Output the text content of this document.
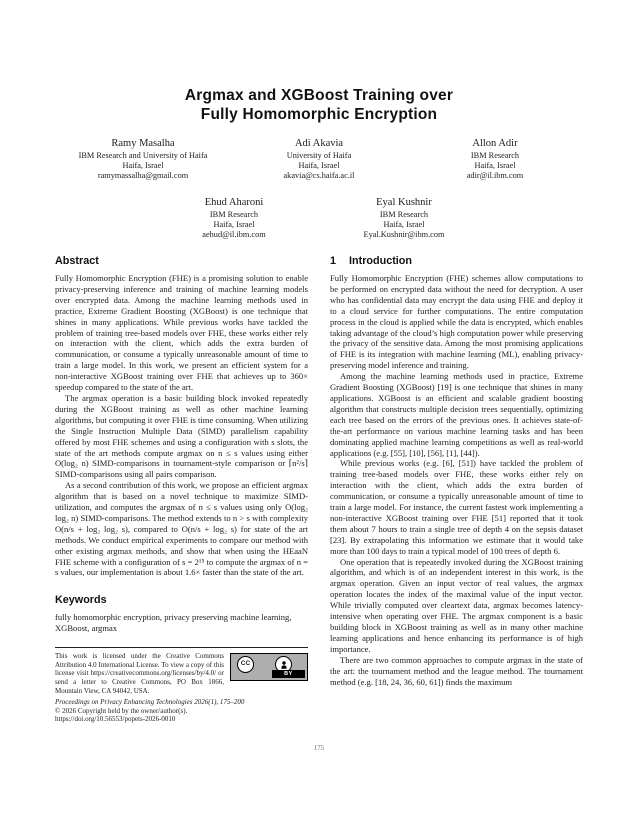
Argmax and XGBoost Training over
Fully Homomorphic Encryption
Ramy Masalha
IBM Research and University of Haifa
Haifa, Israel
ramymassalha@gmail.com
Adi Akavia
University of Haifa
Haifa, Israel
akavia@cs.haifa.ac.il
Allon Adir
IBM Research
Haifa, Israel
adir@il.ibm.com
Ehud Aharoni
IBM Research
Haifa, Israel
aehud@il.ibm.com
Eyal Kushnir
IBM Research
Haifa, Israel
Eyal.Kushnir@ibm.com
Abstract

Fully Homomorphic Encryption (FHE) is a promising solution to enable privacy-preserving inference and training of machine learning models over encrypted data. Among the machine learning methods used in practice, Extreme Gradient Boosting (XGBoost) is one technique that shines in many applications. While previous works have tackled the problem of training tree-based models over FHE, these works either rely on interaction with the client, which adds the extra burden of communication, or consume a typically unreasonable amount of time to train a large model. In this work, we present an efficient system for a non-interactive XGBoost training over FHE that achieves up to 360× speedup compared to the state of the art.

The argmax operation is a basic building block invoked repeatedly during the XGBoost training as well as other machine learning algorithms, but computing it over FHE is time consuming. When utilizing the Single Instruction Multiple Data (SIMD) parallelism capability offered by most FHE schemes and using a configuration with s slots, the state of the art methods compute argmax on n ≤ s values using either O(log₂ n) SIMD-comparisons in tournament-style comparison or ⌈n²/s⌉ SIMD-comparisons using all pairs comparison.

As a second contribution of this work, we propose an efficient argmax algorithm that is based on a novel technique to maximize SIMD-utilization, and computes the argmax of n ≤ s values using only O(log₂ log₂ n) SIMD-comparisons. The method extends to n > s with complexity O(n/s + log₂ log₂ s), compared to O(n/s + log₂ s) for state of the art methods. We conduct empirical experiments to compare our method with other existing argmax methods, and show that when using the HEaaN FHE scheme with a configuration of s = 2¹⁵ to compute the argmax of n = s values, our implementation is about 1.6× faster than the state of the art.

Keywords

fully homomorphic encryption, privacy preserving machine learning, XGBoost, argmax

CC
BY
This work is licensed under the Creative Commons Attribution 4.0 International License. To view a copy of this license visit https://creativecommons.org/licenses/by/4.0/ or send a letter to Creative Commons, PO Box 1866, Mountain View, CA 94042, USA.
Proceedings on Privacy Enhancing Technologies 2026(1), 175–200
© 2026 Copyright held by the owner/author(s).
https://doi.org/10.56553/popets-2026-0010
1 Introduction

Fully Homomorphic Encryption (FHE) schemes allow computations to be performed on encrypted data without the need for decryption. A user who has confidential data may encrypt the data using FHE and deploy it to a cloud service for further computations. The entire computation process in the cloud is applied while the data is encrypted, which enables taking advantage of the cloud’s high computation power while preserving the privacy of the sensitive data. Among the most promising applications of FHE is its integration with machine learning (ML), enabling privacy-preserving model inference and training.

Among the machine learning methods used in practice, Extreme Gradient Boosting (XGBoost) [19] is one technique that shines in many applications. XGBoost is an efficient and scalable gradient boosting algorithm that constructs multiple decision trees sequentially, optimizing each tree based on the errors of the previous ones. It achieves state-of-the-art performance on various machine learning tasks and has been dominating applied machine learning competitions as well as real-world applications (e.g. [55], [10], [56], [1], [44]).

While previous works (e.g. [6], [51]) have tackled the problem of training tree-based models over FHE, these works either rely on interaction with the client, which adds the extra burden of communication, or consume a typically unreasonable amount of time to train a large model. For instance, the current fastest work implementing a non-interactive XGBoost training over FHE [51] reported that it took them about 7 hours to train a single tree of depth 4 on the sepsis dataset [23]. By extrapolating this information we estimate that it would take more than 100 days to train a typical model of 100 trees of depth 6.

One operation that is repeatedly invoked during the XGBoost training algorithm, and which is of an independent interest in this work, is the argmax operation. Given an input vector of real values, the argmax operation locates the index of the maximal value of the input vector. While trivially computed over cleartext data, argmax becomes latency-intensive when operating over FHE. The argmax component is a basic building block in XGBoost training as well as in many other machine learning applications and hence enhancing its performance is of high importance.

There are two common approaches to compute argmax in the state of the art: the tournament method and the league method. The tournament method (e.g. [18, 24, 36, 60, 61]) finds the maximum

175
